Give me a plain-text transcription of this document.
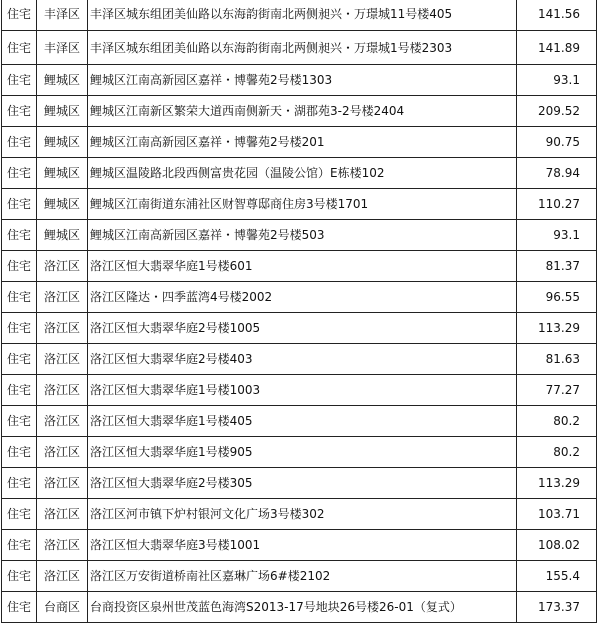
住宅	丰泽区	丰泽区城东组团美仙路以东海韵街南北两侧昶兴・万璟城11号楼405	141.56
住宅	丰泽区	丰泽区城东组团美仙路以东海韵街南北两侧昶兴・万璟城1号楼2303	141.89
住宅	鲤城区	鲤城区江南高新园区嘉祥・博馨苑2号楼1303	93.1
住宅	鲤城区	鲤城区江南新区繁荣大道西南侧新天・湖郡苑3-2号楼2404	209.52
住宅	鲤城区	鲤城区江南高新园区嘉祥・博馨苑2号楼201	90.75
住宅	鲤城区	鲤城区温陵路北段西侧富贵花园（温陵公馆）E栋楼102	78.94
住宅	鲤城区	鲤城区江南街道东浦社区财智尊邸商住房3号楼1701	110.27
住宅	鲤城区	鲤城区江南高新园区嘉祥・博馨苑2号楼503	93.1
住宅	洛江区	洛江区恒大翡翠华庭1号楼601	81.37
住宅	洛江区	洛江区隆达・四季蓝湾4号楼2002	96.55
住宅	洛江区	洛江区恒大翡翠华庭2号楼1005	113.29
住宅	洛江区	洛江区恒大翡翠华庭2号楼403	81.63
住宅	洛江区	洛江区恒大翡翠华庭1号楼1003	77.27
住宅	洛江区	洛江区恒大翡翠华庭1号楼405	80.2
住宅	洛江区	洛江区恒大翡翠华庭1号楼905	80.2
住宅	洛江区	洛江区恒大翡翠华庭2号楼305	113.29
住宅	洛江区	洛江区河市镇下炉村银河文化广场3号楼302	103.71
住宅	洛江区	洛江区恒大翡翠华庭3号楼1001	108.02
住宅	洛江区	洛江区万安街道桥南社区嘉琳广场6#楼2102	155.4
住宅	台商区	台商投资区泉州世茂蓝色海湾S2013-17号地块26号楼26-01（复式）	173.37
